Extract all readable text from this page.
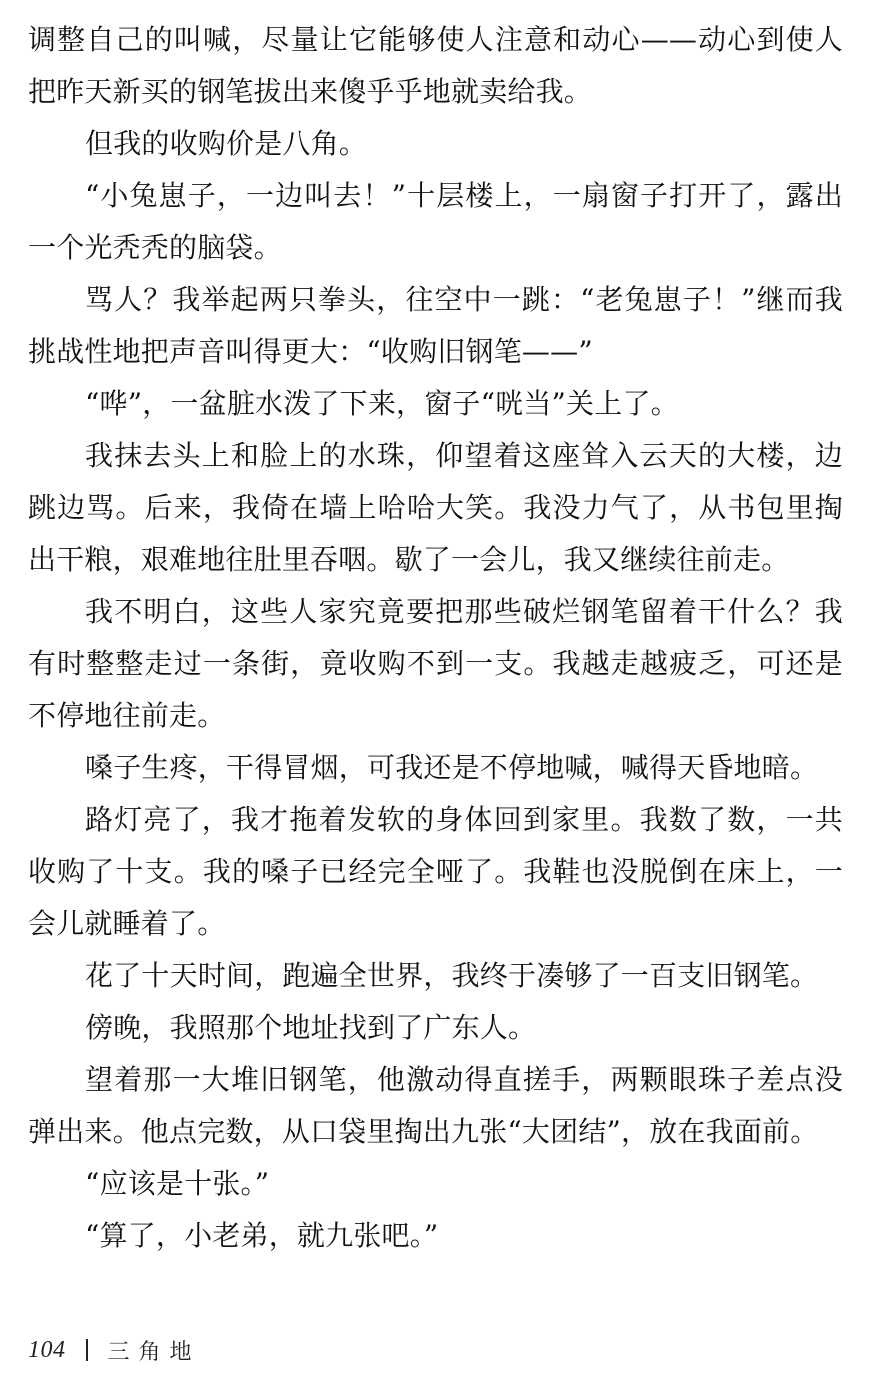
调整自己的叫喊，尽量让它能够使人注意和动心——动心到使人把昨天新买的钢笔拔出来傻乎乎地就卖给我。

但我的收购价是八角。

“小兔崽子，一边叫去！”十层楼上，一扇窗子打开了，露出一个光秃秃的脑袋。

骂人？我举起两只拳头，往空中一跳：“老兔崽子！”继而我挑战性地把声音叫得更大：“收购旧钢笔——”

“哗”，一盆脏水泼了下来，窗子“咣当”关上了。

我抹去头上和脸上的水珠，仰望着这座耸入云天的大楼，边跳边骂。后来，我倚在墙上哈哈大笑。我没力气了，从书包里掏出干粮，艰难地往肚里吞咽。歇了一会儿，我又继续往前走。

我不明白，这些人家究竟要把那些破烂钢笔留着干什么？我有时整整走过一条街，竟收购不到一支。我越走越疲乏，可还是不停地往前走。

嗓子生疼，干得冒烟，可我还是不停地喊，喊得天昏地暗。

路灯亮了，我才拖着发软的身体回到家里。我数了数，一共收购了十支。我的嗓子已经完全哑了。我鞋也没脱倒在床上，一会儿就睡着了。

花了十天时间，跑遍全世界，我终于凑够了一百支旧钢笔。

傍晚，我照那个地址找到了广东人。

望着那一大堆旧钢笔，他激动得直搓手，两颗眼珠子差点没弹出来。他点完数，从口袋里掏出九张“大团结”，放在我面前。

“应该是十张。”

“算了，小老弟，就九张吧。”

104 三角地
